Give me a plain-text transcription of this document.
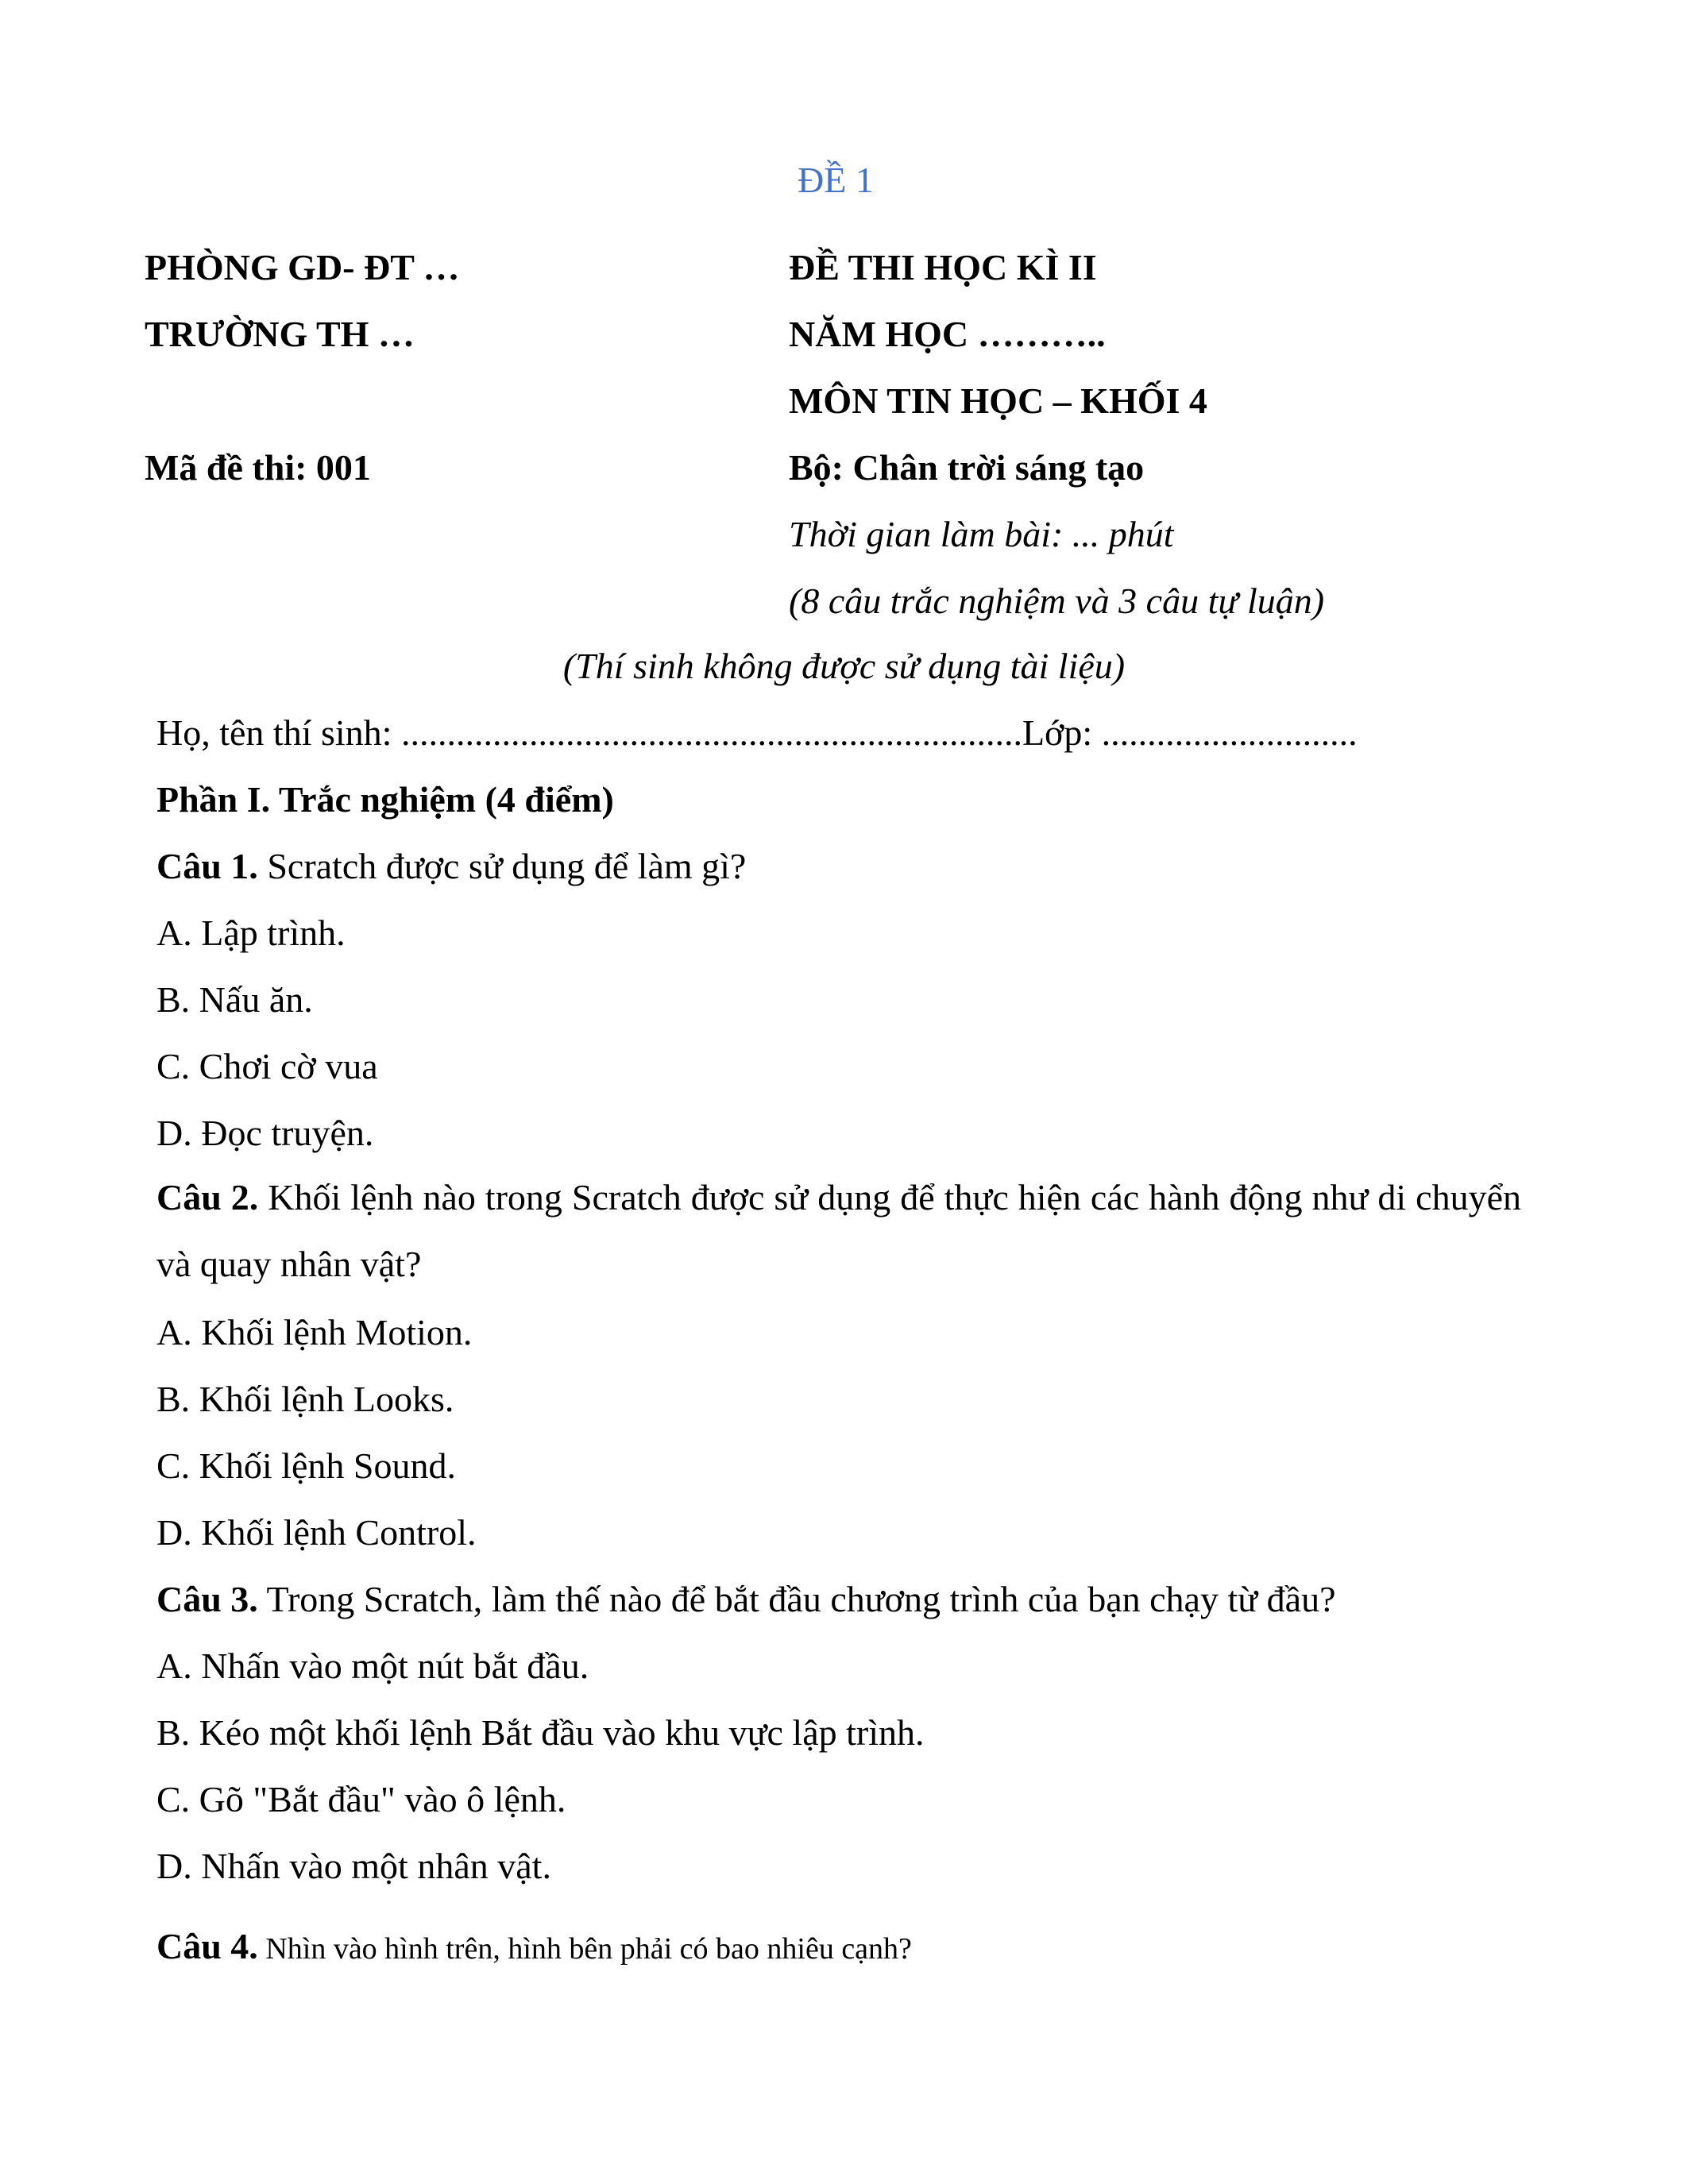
ĐỀ 1
PHÒNG GD- ĐT …
TRƯỜNG TH …
Mã đề thi: 001
ĐỀ THI HỌC KÌ II
NĂM HỌC ………..
MÔN TIN HỌC – KHỐI 4
Bộ: Chân trời sáng tạo
Thời gian làm bài: ... phút
(8 câu trắc nghiệm và 3 câu tự luận)
(Thí sinh không được sử dụng tài liệu)
Họ, tên thí sinh: ....................................................................Lớp: ............................
Phần I. Trắc nghiệm (4 điểm)
Câu 1. Scratch được sử dụng để làm gì?
A. Lập trình.
B. Nấu ăn.
C. Chơi cờ vua
D. Đọc truyện.
Câu 2. Khối lệnh nào trong Scratch được sử dụng để thực hiện các hành động như di chuyển và quay nhân vật?
A. Khối lệnh Motion.
B. Khối lệnh Looks.
C. Khối lệnh Sound.
D. Khối lệnh Control.
Câu 3. Trong Scratch, làm thế nào để bắt đầu chương trình của bạn chạy từ đầu?
A. Nhấn vào một nút bắt đầu.
B. Kéo một khối lệnh Bắt đầu vào khu vực lập trình.
C. Gõ "Bắt đầu" vào ô lệnh.
D. Nhấn vào một nhân vật.
Câu 4. Nhìn vào hình trên, hình bên phải có bao nhiêu cạnh?
